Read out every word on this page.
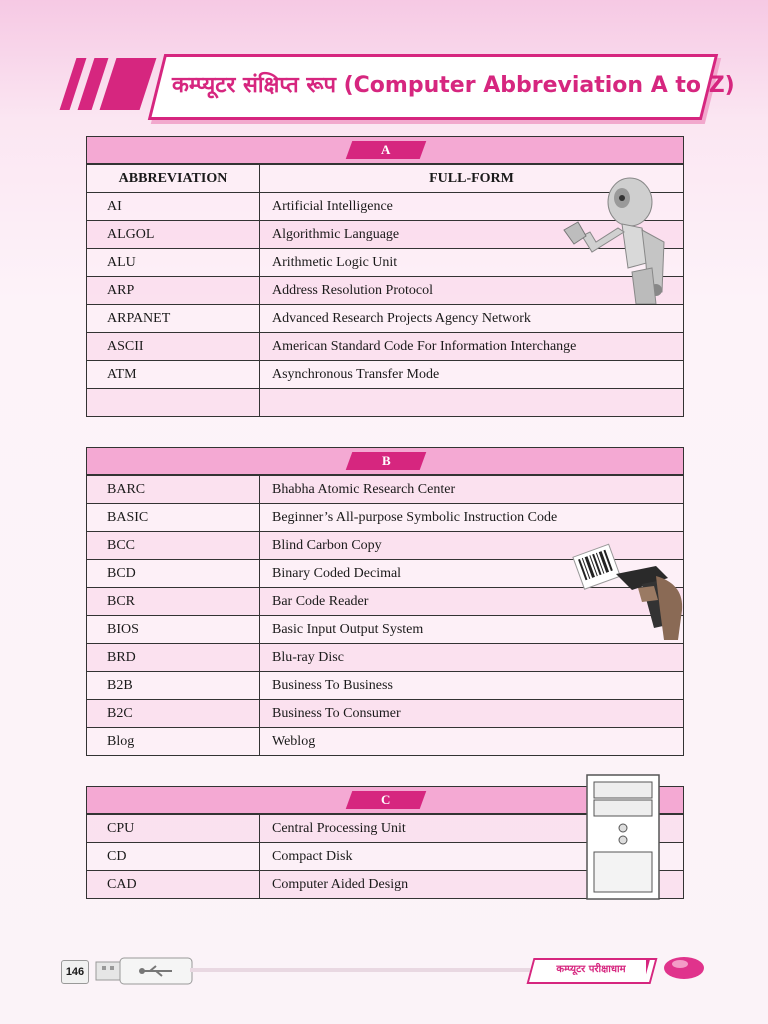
कम्प्यूटर संक्षिप्त रूप (Computer Abbreviation A to Z)
A
ABBREVIATION	FULL-FORM
AI	Artificial Intelligence
ALGOL	Algorithmic Language
ALU	Arithmetic Logic Unit
ARP	Address Resolution Protocol
ARPANET	Advanced Research Projects Agency Network
ASCII	American Standard Code For Information Interchange
ATM	Asynchronous Transfer Mode

B
BARC	Bhabha Atomic Research Center
BASIC	Beginner’s All-purpose Symbolic Instruction Code
BCC	Blind Carbon Copy
BCD	Binary Coded Decimal
BCR	Bar Code Reader
BIOS	Basic Input Output System
BRD	Blu-ray Disc
B2B	Business To Business
B2C	Business To Consumer
Blog	Weblog
C
CPU	Central Processing Unit
CD	Compact Disk
CAD	Computer Aided Design
146	कम्प्यूटर परीक्षाधाम
